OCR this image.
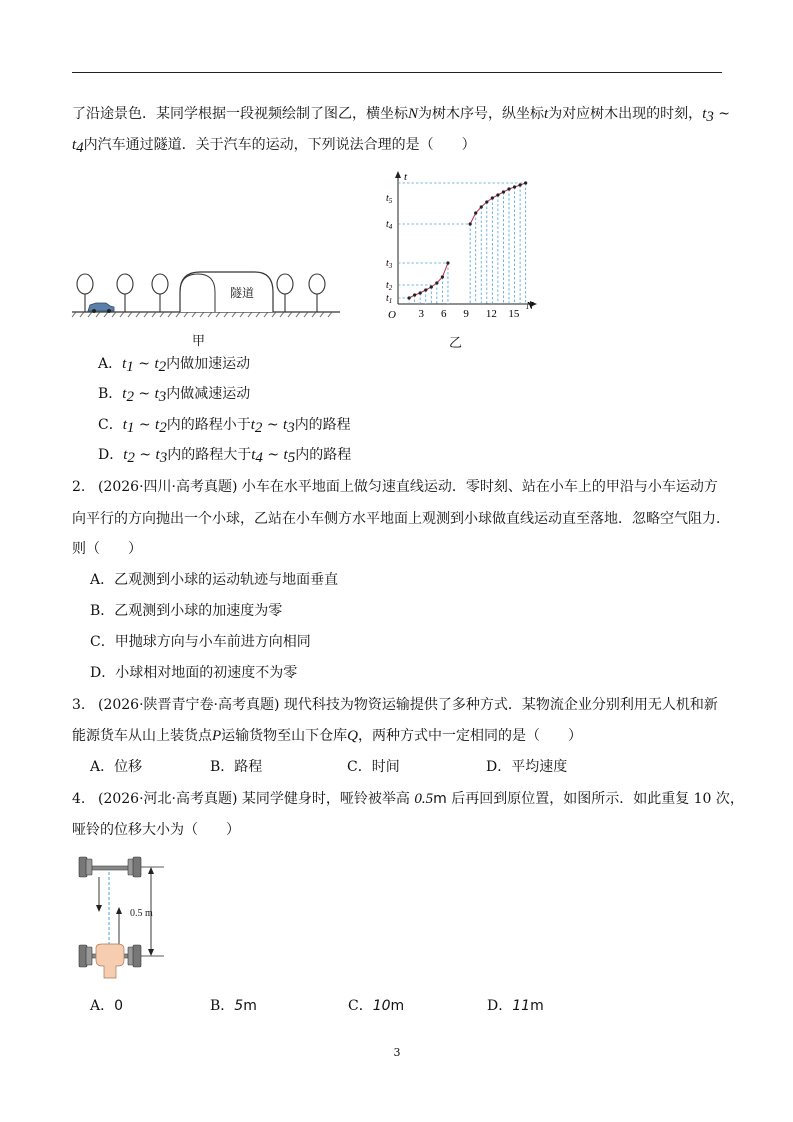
了沿途景色．某同学根据一段视频绘制了图乙，横坐标N为树木序号，纵坐标t为对应树木出现的时刻，$t_3$ ~
$t_4$内汽车通过隧道．关于汽车的运动，下列说法合理的是（　　）
隧道
甲
t
N
O 3 6 9 12 15
$t_1$
$t_2$
$t_3$
$t_4$
$t_5$
乙
A．$t_1$ ~ $t_2$内做加速运动
B．$t_2$ ~ $t_3$内做减速运动
C．$t_1$ ~ $t_2$内的路程小于$t_2$ ~ $t_3$内的路程
D．$t_2$ ~ $t_3$内的路程大于$t_4$ ~ $t_5$内的路程
2. (2026·四川·高考真题) 小车在水平地面上做匀速直线运动．零时刻、站在小车上的甲沿与小车运动方
向平行的方向抛出一个小球，乙站在小车侧方水平地面上观测到小球做直线运动直至落地．忽略空气阻力．
则（　　）
A．乙观测到小球的运动轨迹与地面垂直
B．乙观测到小球的加速度为零
C．甲抛球方向与小车前进方向相同
D．小球相对地面的初速度不为零
3. (2026·陕晋青宁卷·高考真题) 现代科技为物资运输提供了多种方式．某物流企业分别利用无人机和新
能源货车从山上装货点P运输货物至山下仓库Q，两种方式中一定相同的是（　　）
A．位移	B．路程	C．时间	D．平均速度
4. (2026·河北·高考真题) 某同学健身时，哑铃被举高 0.5m 后再回到原位置，如图所示．如此重复 10 次，
哑铃的位移大小为（　　）
0.5 m
A．0	B．5m	C．10m	D．11m
3
